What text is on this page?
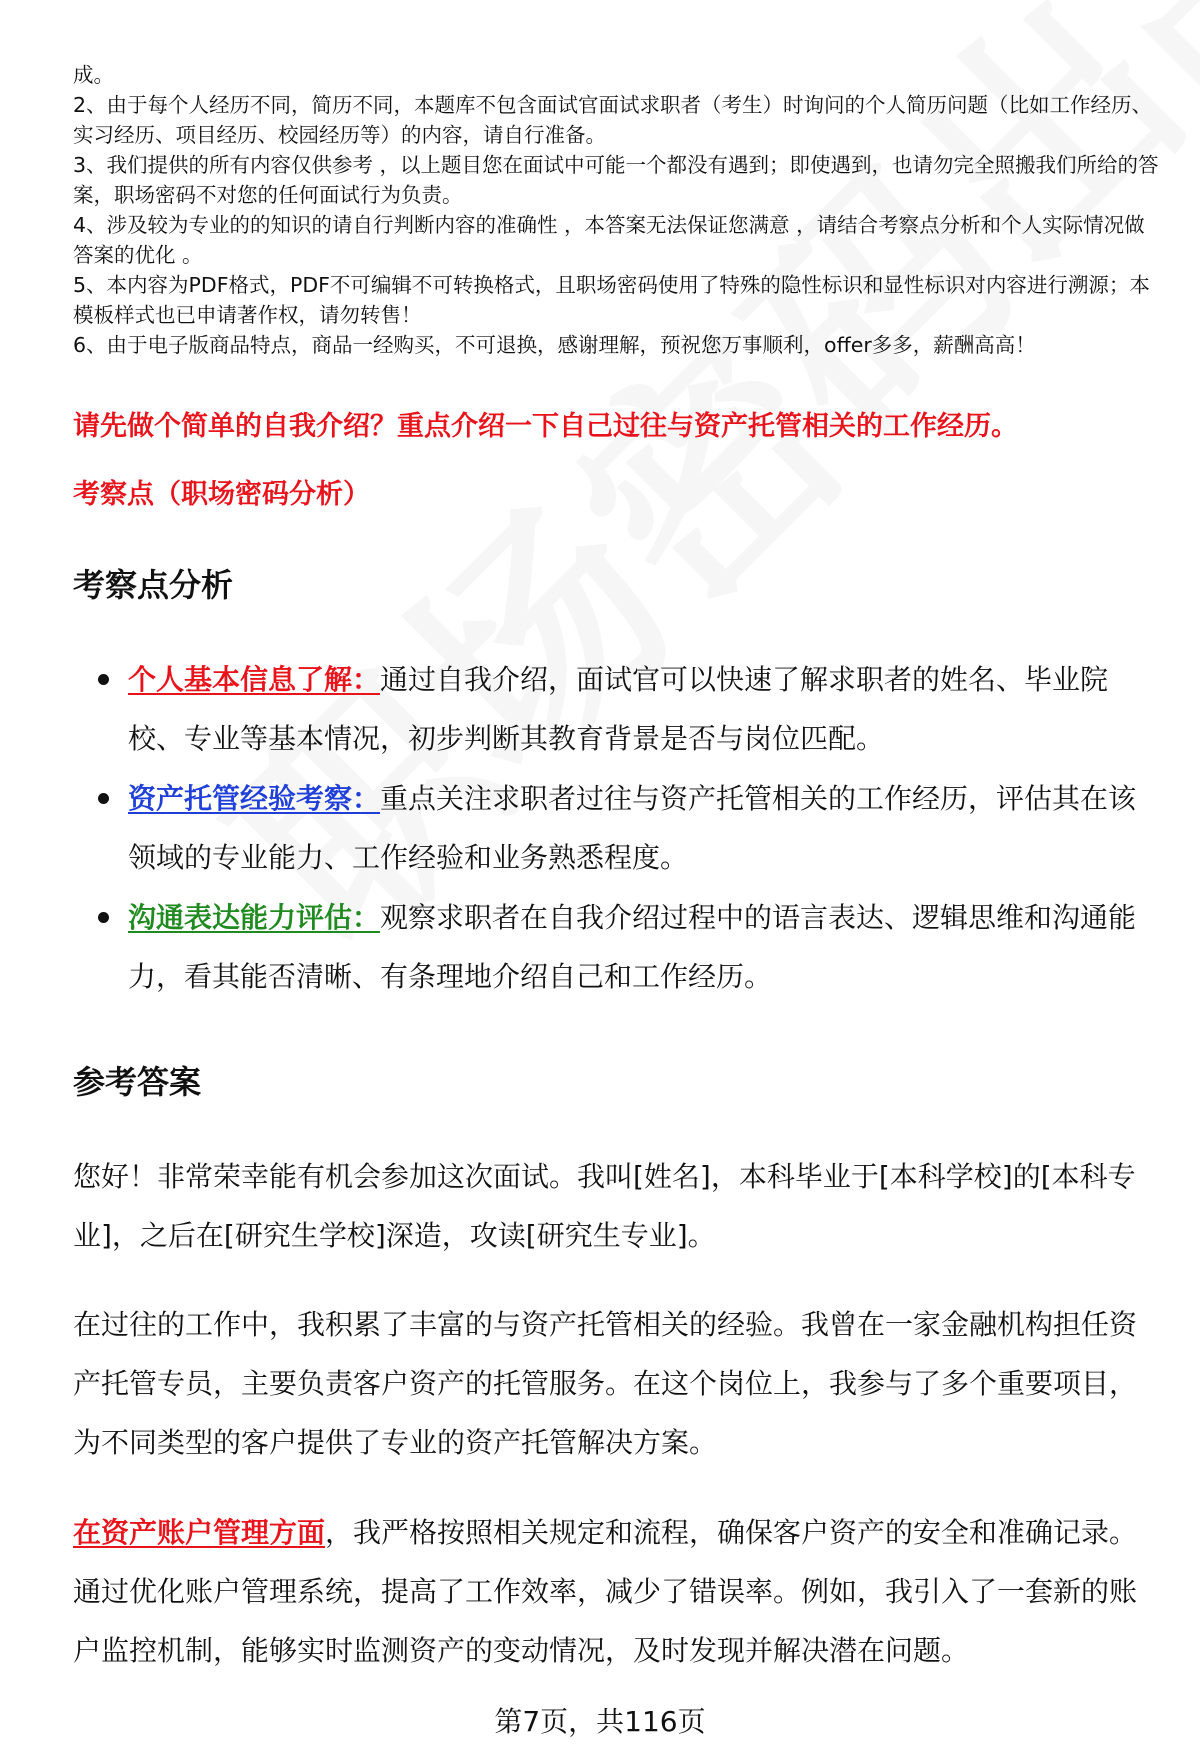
成。

2、由于每个人经历不同，简历不同，本题库不包含面试官面试求职者（考生）时询问的个人简历问题（比如工作经历、实习经历、项目经历、校园经历等）的内容，请自行准备。

3、我们提供的所有内容仅供参考 ，以上题目您在面试中可能一个都没有遇到；即使遇到，也请勿完全照搬我们所给的答案，职场密码不对您的任何面试行为负责。

4、涉及较为专业的的知识的请自行判断内容的准确性 ，本答案无法保证您满意 ，请结合考察点分析和个人实际情况做答案的优化 。

5、本内容为PDF格式，PDF不可编辑不可转换格式，且职场密码使用了特殊的隐性标识和显性标识对内容进行溯源；本模板样式也已申请著作权，请勿转售！

6、由于电子版商品特点，商品一经购买，不可退换，感谢理解，预祝您万事顺利，offer多多，薪酬高高！

请先做个简单的自我介绍？重点介绍一下自己过往与资产托管相关的工作经历。

考察点（职场密码分析）

考察点分析
个人基本信息了解：通过自我介绍，面试官可以快速了解求职者的姓名、毕业院校、专业等基本情况，初步判断其教育背景是否与岗位匹配。
资产托管经验考察：重点关注求职者过往与资产托管相关的工作经历，评估其在该领域的专业能力、工作经验和业务熟悉程度。
沟通表达能力评估：观察求职者在自我介绍过程中的语言表达、逻辑思维和沟通能力，看其能否清晰、有条理地介绍自己和工作经历。
参考答案

您好！非常荣幸能有机会参加这次面试。我叫[姓名]，本科毕业于[本科学校]的[本科专业]，之后在[研究生学校]深造，攻读[研究生专业]。

在过往的工作中，我积累了丰富的与资产托管相关的经验。我曾在一家金融机构担任资产托管专员，主要负责客户资产的托管服务。在这个岗位上，我参与了多个重要项目，为不同类型的客户提供了专业的资产托管解决方案。

在资产账户管理方面，我严格按照相关规定和流程，确保客户资产的安全和准确记录。通过优化账户管理系统，提高了工作效率，减少了错误率。例如，我引入了一套新的账户监控机制，能够实时监测资产的变动情况，及时发现并解决潜在问题。

第7页，共116页
